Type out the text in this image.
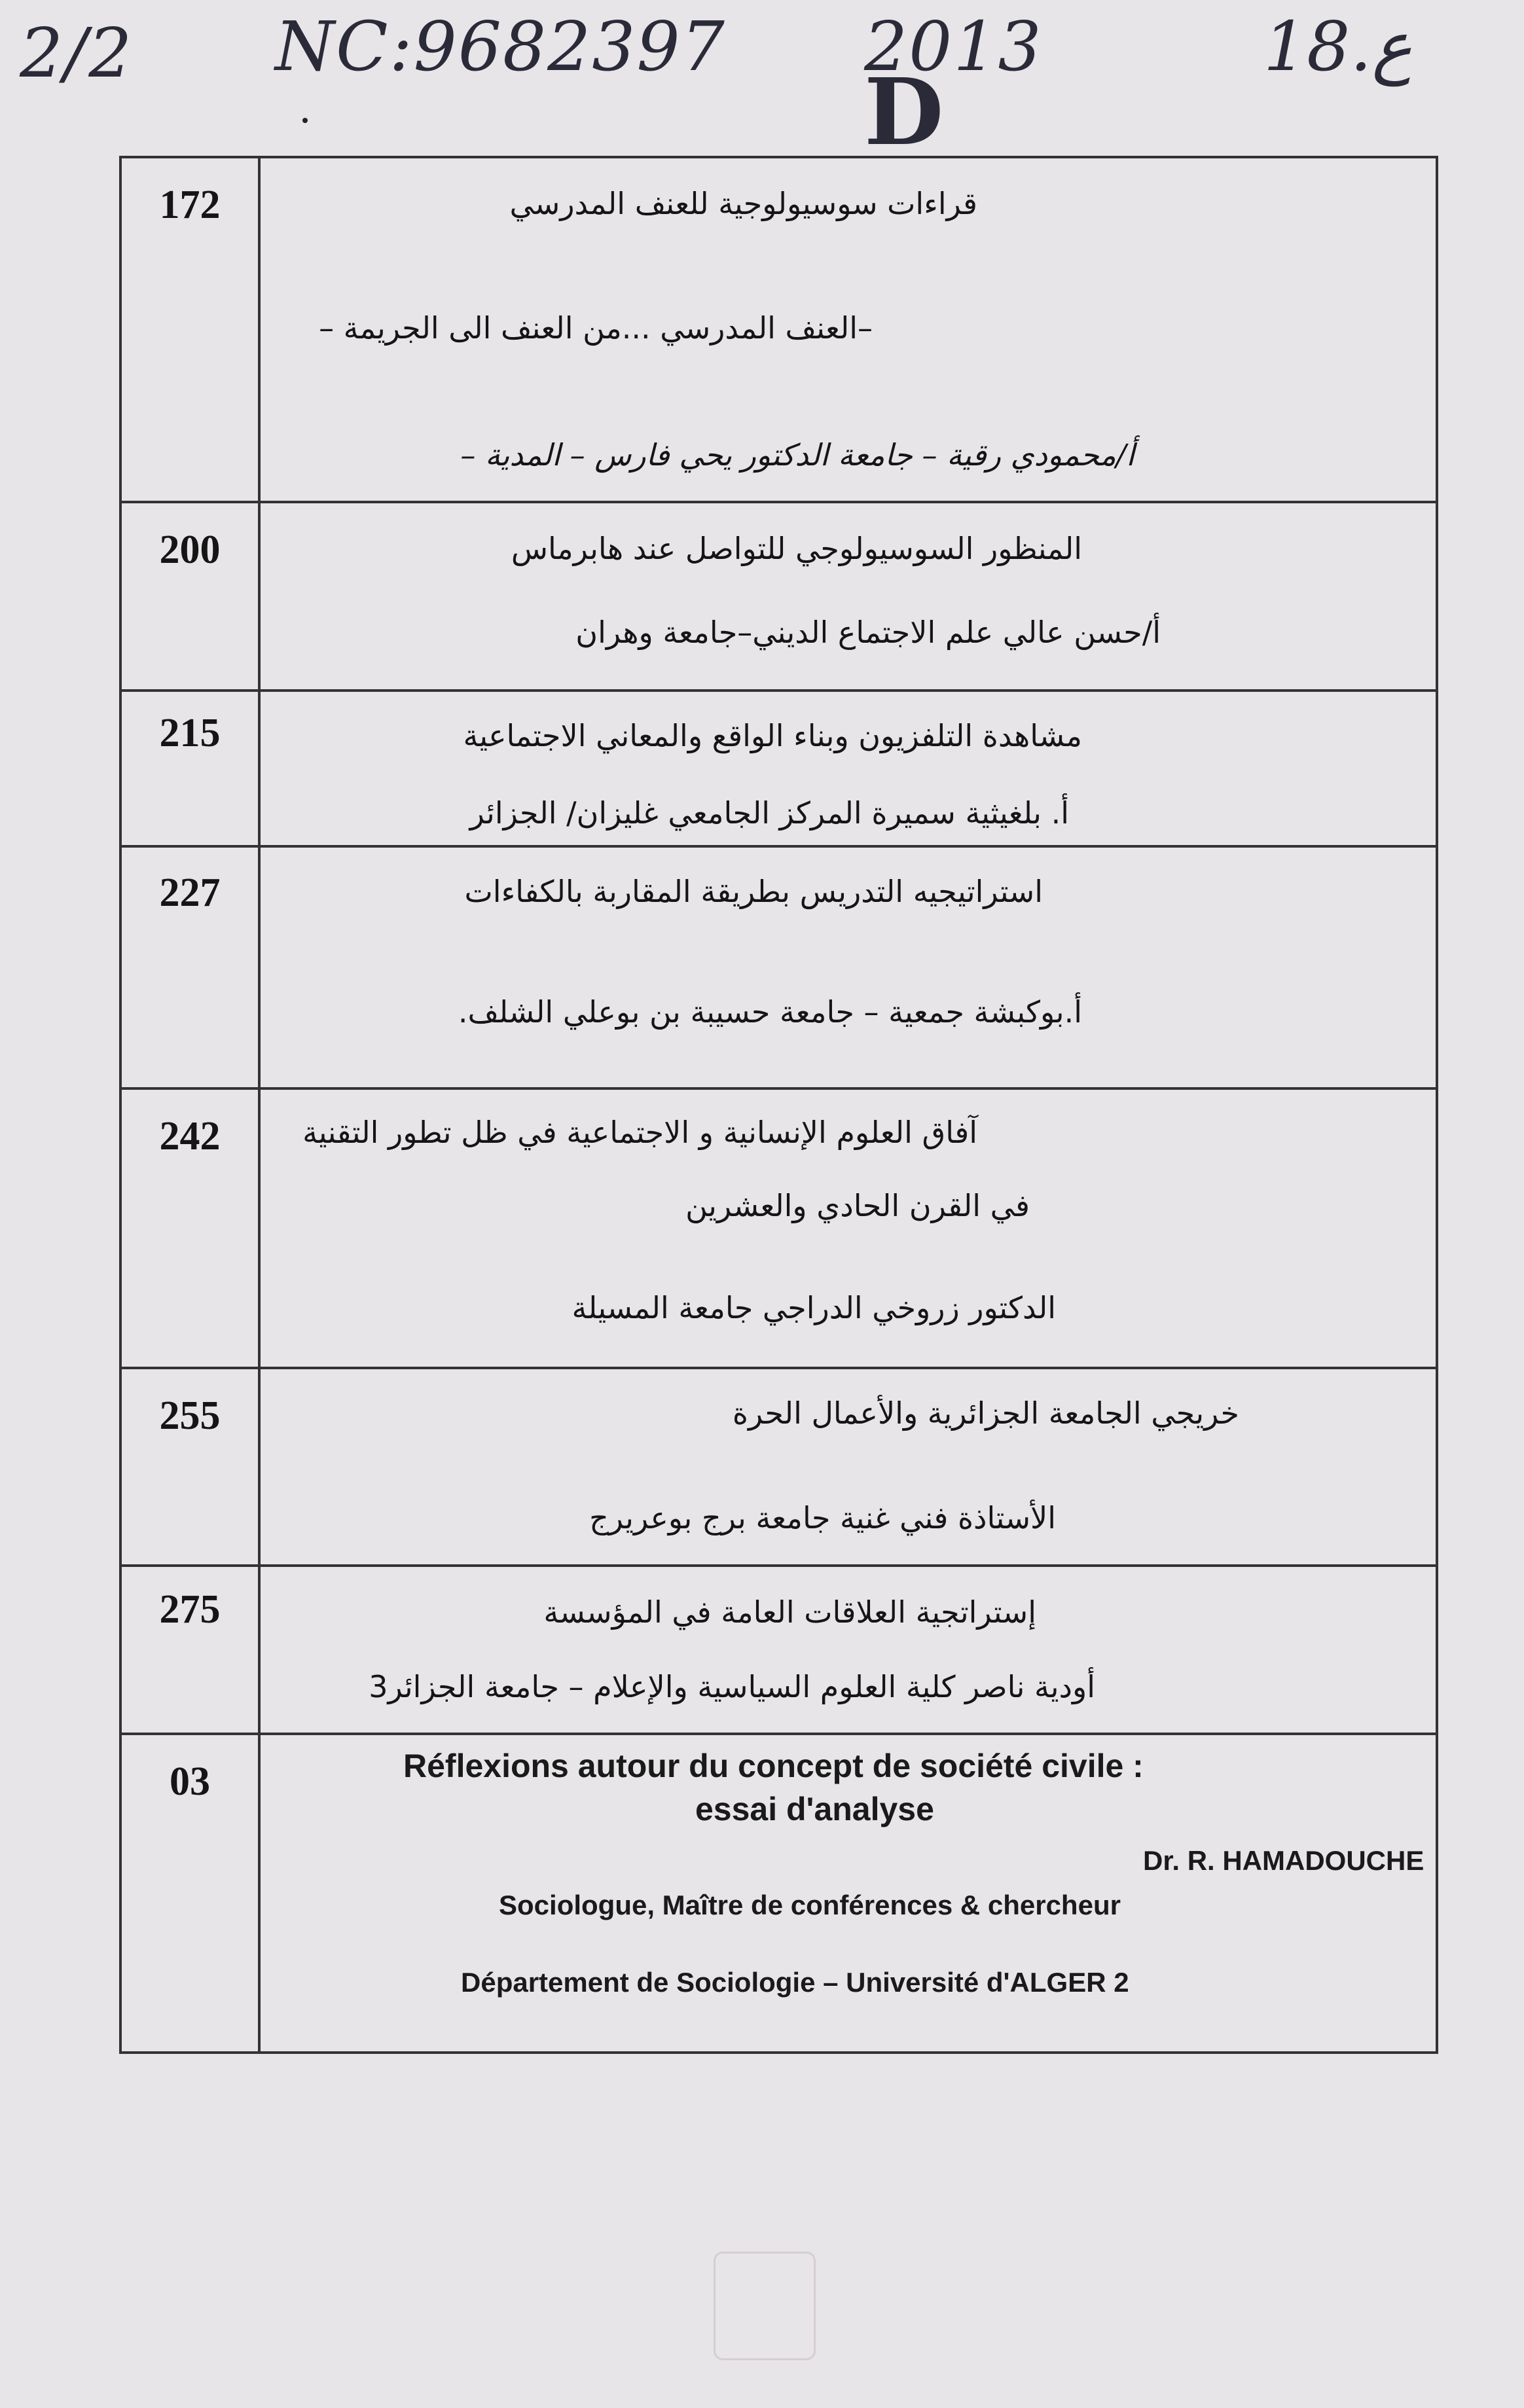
2/2 NC:9682397 2013	18.ع
D
172	قراءات سوسيولوجية للعنف المدرسي
–العنف المدرسي ...من العنف الى الجريمة –
أ/محمودي رقية – جامعة الدكتور يحي فارس – المدية –
200	المنظور السوسيولوجي للتواصل عند هابرماس
أ/حسن عالي علم الاجتماع الديني–جامعة وهران
215	مشاهدة التلفزيون وبناء الواقع والمعاني الاجتماعية
أ. بلغيثية سميرة المركز الجامعي غليزان/ الجزائر
227	استراتيجيه التدريس بطريقة المقاربة بالكفاءات
أ.بوكبشة جمعية – جامعة حسيبة بن بوعلي الشلف.
242	آفاق العلوم الإنسانية و الاجتماعية في ظل تطور التقنية
في القرن الحادي والعشرين
الدكتور زروخي الدراجي جامعة المسيلة
255	خريجي الجامعة الجزائرية والأعمال الحرة
الأستاذة فني غنية جامعة برج بوعريرج
275	إستراتجية العلاقات العامة في المؤسسة
أودية ناصر كلية العلوم السياسية والإعلام – جامعة الجزائر3
03	Réflexions autour du concept de société civile :
essai d'analyse
Dr. R. HAMADOUCHE
Sociologue, Maître de conférences & chercheur
Département de Sociologie – Université d'ALGER 2
